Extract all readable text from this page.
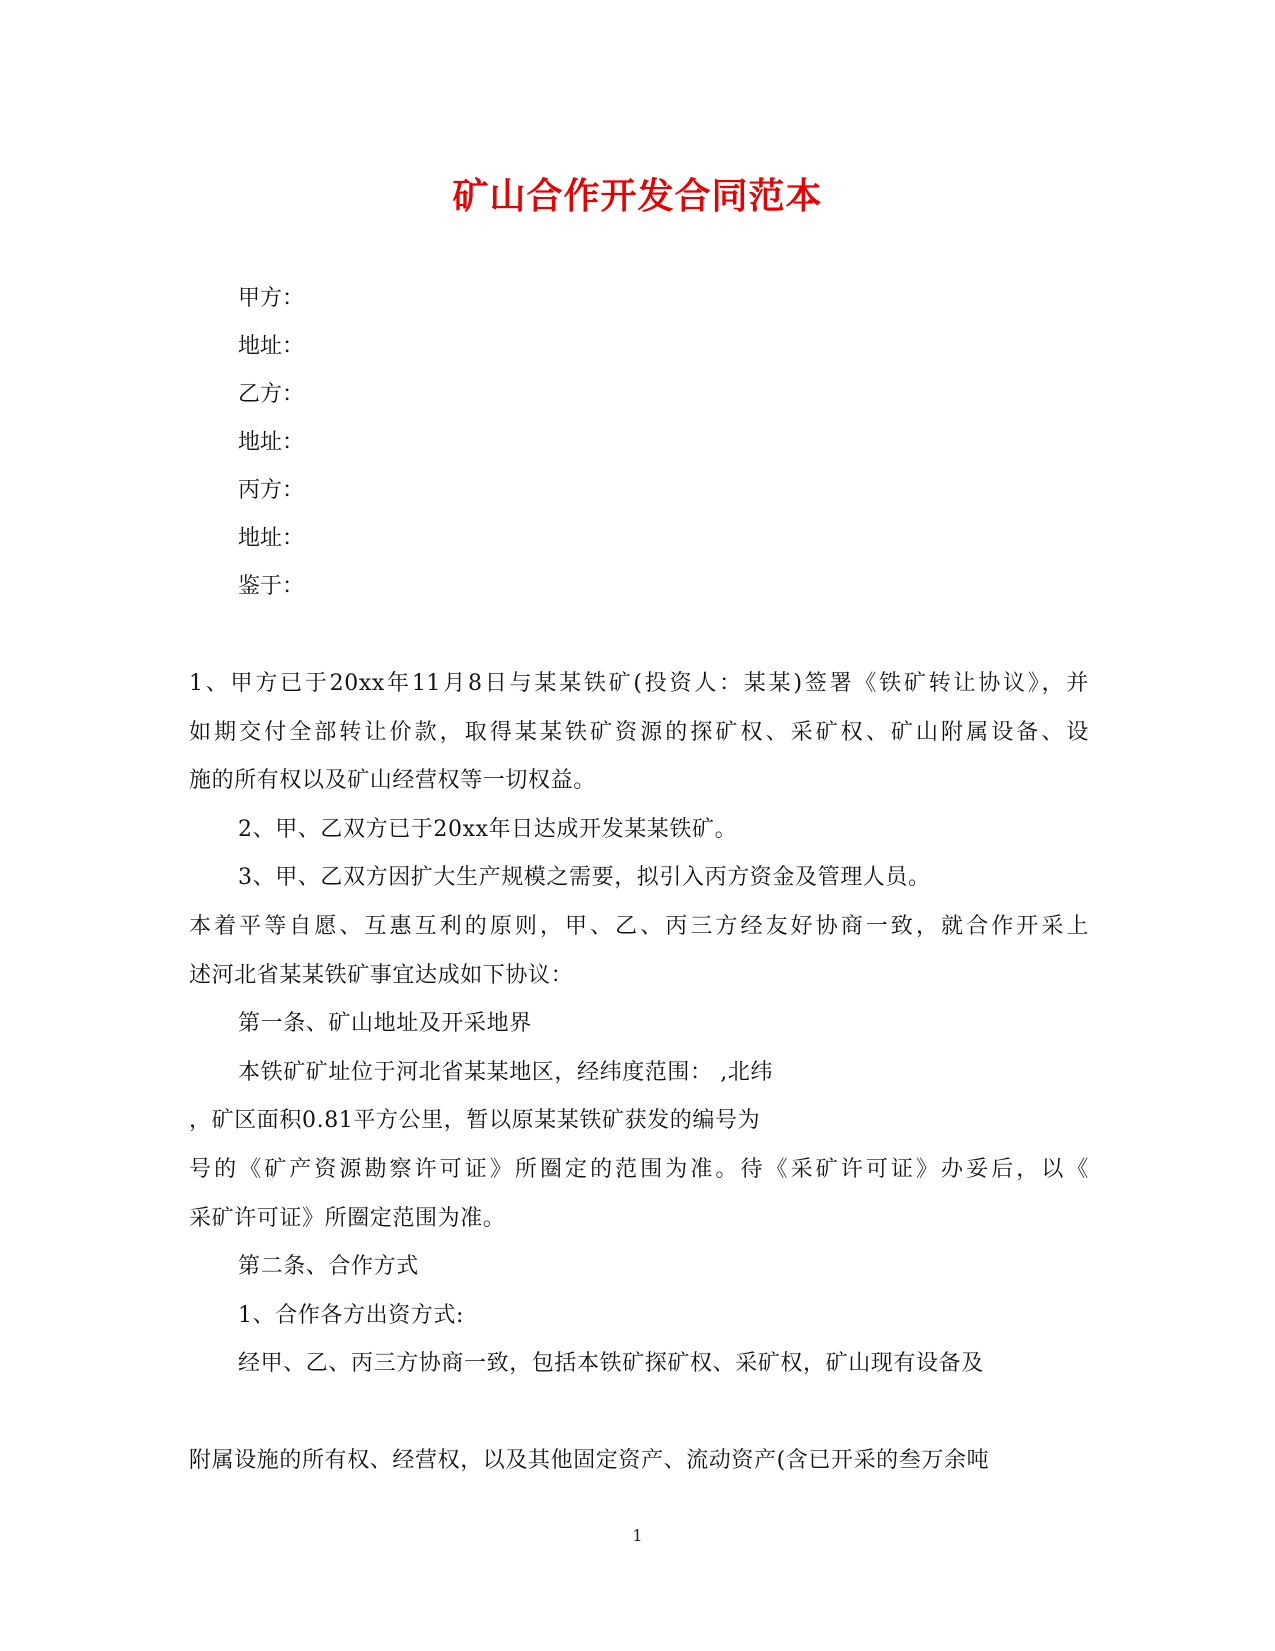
矿山合作开发合同范本
甲方：
地址：
乙方：
地址：
丙方：
地址：
鉴于：
1、甲方已于20xx年11月8日与某某铁矿(投资人：某某)签署《铁矿转让协议》，并
如期交付全部转让价款，取得某某铁矿资源的探矿权、采矿权、矿山附属设备、设
施的所有权以及矿山经营权等一切权益。
2、甲、乙双方已于20xx年日达成开发某某铁矿。
3、甲、乙双方因扩大生产规模之需要，拟引入丙方资金及管理人员。
本着平等自愿、互惠互利的原则，甲、乙、丙三方经友好协商一致，就合作开采上
述河北省某某铁矿事宜达成如下协议：
第一条、矿山地址及开采地界
本铁矿矿址位于河北省某某地区，经纬度范围： ,北纬
，矿区面积0.81平方公里，暂以原某某铁矿获发的编号为
号的《矿产资源勘察许可证》所圈定的范围为准。待《采矿许可证》办妥后，以《
采矿许可证》所圈定范围为准。
第二条、合作方式
1、合作各方出资方式:
经甲、乙、丙三方协商一致，包括本铁矿探矿权、采矿权，矿山现有设备及
附属设施的所有权、经营权，以及其他固定资产、流动资产(含已开采的叁万余吨
1
